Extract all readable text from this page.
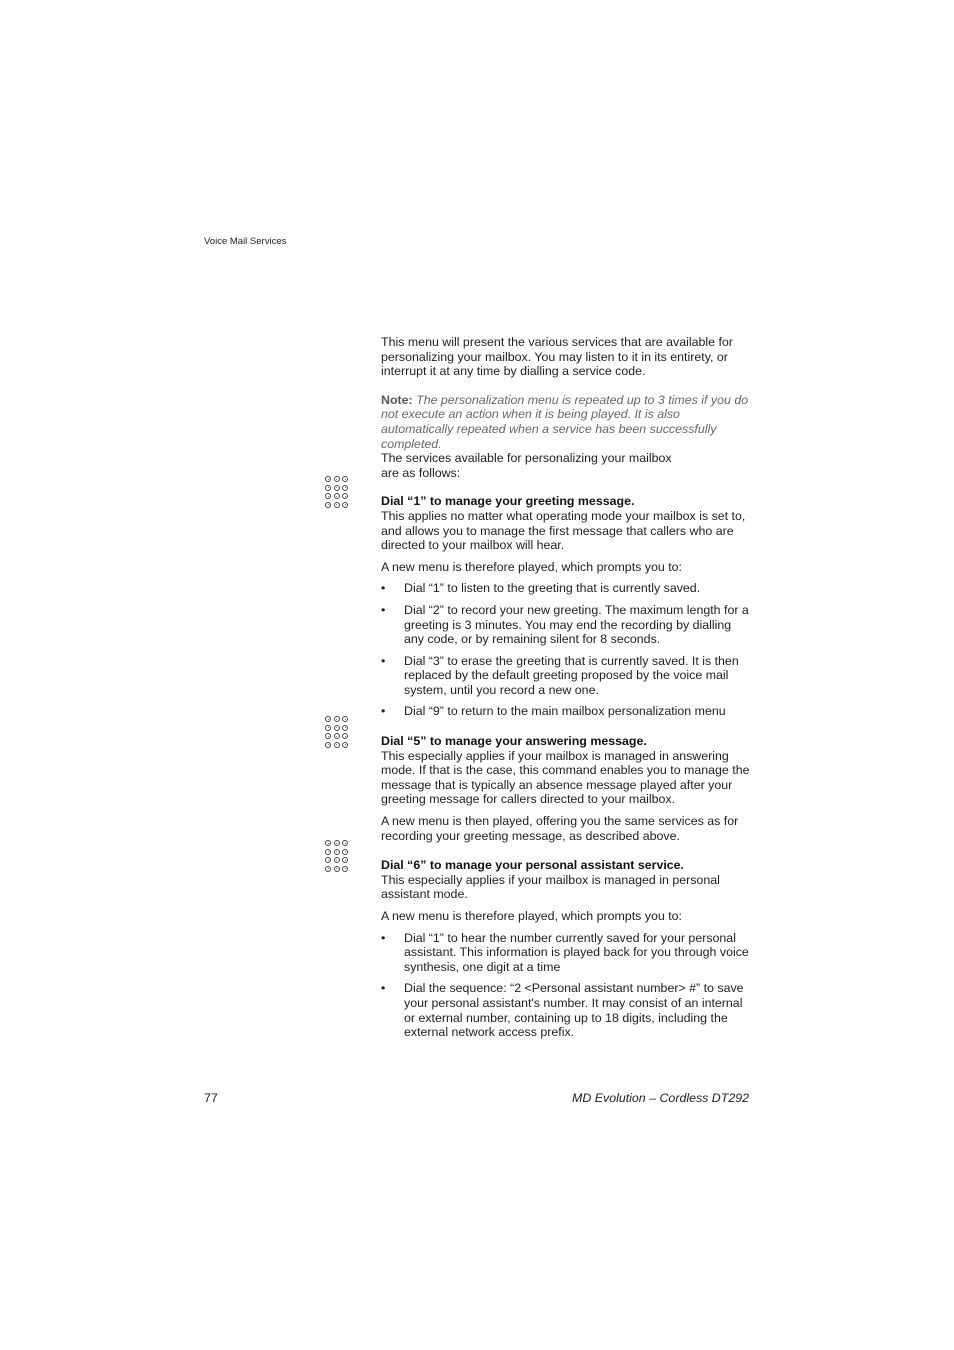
Voice Mail Services

This menu will present the various services that are available for personalizing your mailbox. You may listen to it in its entirety, or interrupt it at any time by dialling a service code.

Note: The personalization menu is repeated up to 3 times if you do not execute an action when it is being played. It is also automatically repeated when a service has been successfully completed.

The services available for personalizing your mailbox are as follows:

Dial “1” to manage your greeting message.

This applies no matter what operating mode your mailbox is set to, and allows you to manage the first message that callers who are directed to your mailbox will hear.

A new menu is therefore played, which prompts you to:

• Dial “1” to listen to the greeting that is currently saved.
• Dial “2” to record your new greeting. The maximum length for a greeting is 3 minutes. You may end the recording by dialling any code, or by remaining silent for 8 seconds.
• Dial “3” to erase the greeting that is currently saved. It is then replaced by the default greeting proposed by the voice mail system, until you record a new one.
• Dial “9” to return to the main mailbox personalization menu

Dial “5” to manage your answering message.

This especially applies if your mailbox is managed in answering mode. If that is the case, this command enables you to manage the message that is typically an absence message played after your greeting message for callers directed to your mailbox.

A new menu is then played, offering you the same services as for recording your greeting message, as described above.

Dial “6” to manage your personal assistant service.

This especially applies if your mailbox is managed in personal assistant mode.

A new menu is therefore played, which prompts you to:

• Dial “1” to hear the number currently saved for your personal assistant. This information is played back for you through voice synthesis, one digit at a time
• Dial the sequence: “2 <Personal assistant number> #” to save your personal assistant's number. It may consist of an internal or external number, containing up to 18 digits, including the external network access prefix.
77	MD Evolution – Cordless DT292
